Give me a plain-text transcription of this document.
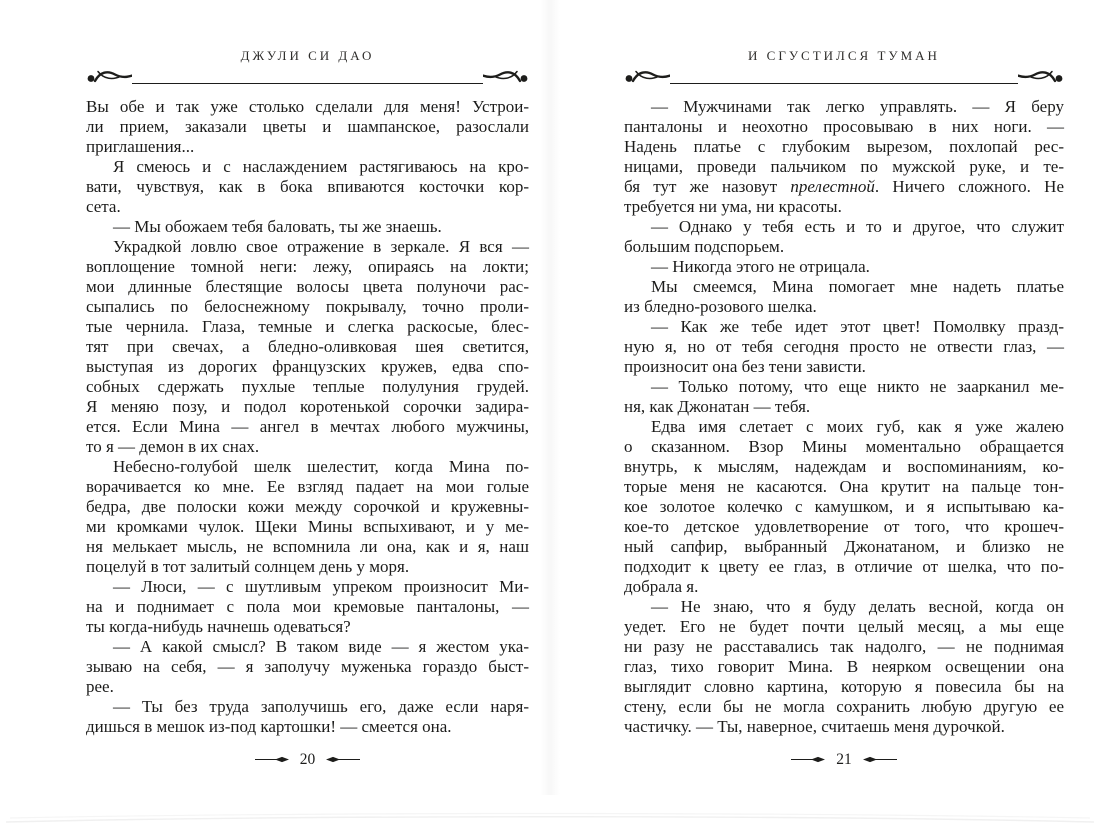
ДЖУЛИ СИ ДАО
Вы обе и так уже столько сделали для меня! Устрои-
ли прием, заказали цветы и шампанское, разослали
приглашения...
Я смеюсь и с наслаждением растягиваюсь на кро-
вати, чувствуя, как в бока впиваются косточки кор-
сета.
— Мы обожаем тебя баловать, ты же знаешь.
Украдкой ловлю свое отражение в зеркале. Я вся —
воплощение томной неги: лежу, опираясь на локти;
мои длинные блестящие волосы цвета полуночи рас-
сыпались по белоснежному покрывалу, точно проли-
тые чернила. Глаза, темные и слегка раскосые, блес-
тят при свечах, а бледно-оливковая шея светится,
выступая из дорогих французских кружев, едва спо-
собных сдержать пухлые теплые полулуния грудей.
Я меняю позу, и подол коротенькой сорочки задира-
ется. Если Мина — ангел в мечтах любого мужчины,
то я — демон в их снах.
Небесно-голубой шелк шелестит, когда Мина по-
ворачивается ко мне. Ее взгляд падает на мои голые
бедра, две полоски кожи между сорочкой и кружевны-
ми кромками чулок. Щеки Мины вспыхивают, и у ме-
ня мелькает мысль, не вспомнила ли она, как и я, наш
поцелуй в тот залитый солнцем день у моря.
— Люси, — с шутливым упреком произносит Ми-
на и поднимает с пола мои кремовые панталоны, —
ты когда-нибудь начнешь одеваться?
— А какой смысл? В таком виде — я жестом ука-
зываю на себя, — я заполучу муженька гораздо быст-
рее.
— Ты без труда заполучишь его, даже если наря-
дишься в мешок из-под картошки! — смеется она.
20
И СГУСТИЛСЯ ТУМАН
— Мужчинами так легко управлять. — Я беру
панталоны и неохотно просовываю в них ноги. —
Надень платье с глубоким вырезом, похлопай рес-
ницами, проведи пальчиком по мужской руке, и те-
бя тут же назовут прелестной. Ничего сложного. Не
требуется ни ума, ни красоты.
— Однако у тебя есть и то и другое, что служит
большим подспорьем.
— Никогда этого не отрицала.
Мы смеемся, Мина помогает мне надеть платье
из бледно-розового шелка.
— Как же тебе идет этот цвет! Помолвку празд-
ную я, но от тебя сегодня просто не отвести глаз, —
произносит она без тени зависти.
— Только потому, что еще никто не заарканил ме-
ня, как Джонатан — тебя.
Едва имя слетает с моих губ, как я уже жалею
о сказанном. Взор Мины моментально обращается
внутрь, к мыслям, надеждам и воспоминаниям, ко-
торые меня не касаются. Она крутит на пальце тон-
кое золотое колечко с камушком, и я испытываю ка-
кое-то детское удовлетворение от того, что крошеч-
ный сапфир, выбранный Джонатаном, и близко не
подходит к цвету ее глаз, в отличие от шелка, что по-
добрала я.
— Не знаю, что я буду делать весной, когда он
уедет. Его не будет почти целый месяц, а мы еще
ни разу не расставались так надолго, — не поднимая
глаз, тихо говорит Мина. В неярком освещении она
выглядит словно картина, которую я повесила бы на
стену, если бы не могла сохранить любую другую ее
частичку. — Ты, наверное, считаешь меня дурочкой.
21
